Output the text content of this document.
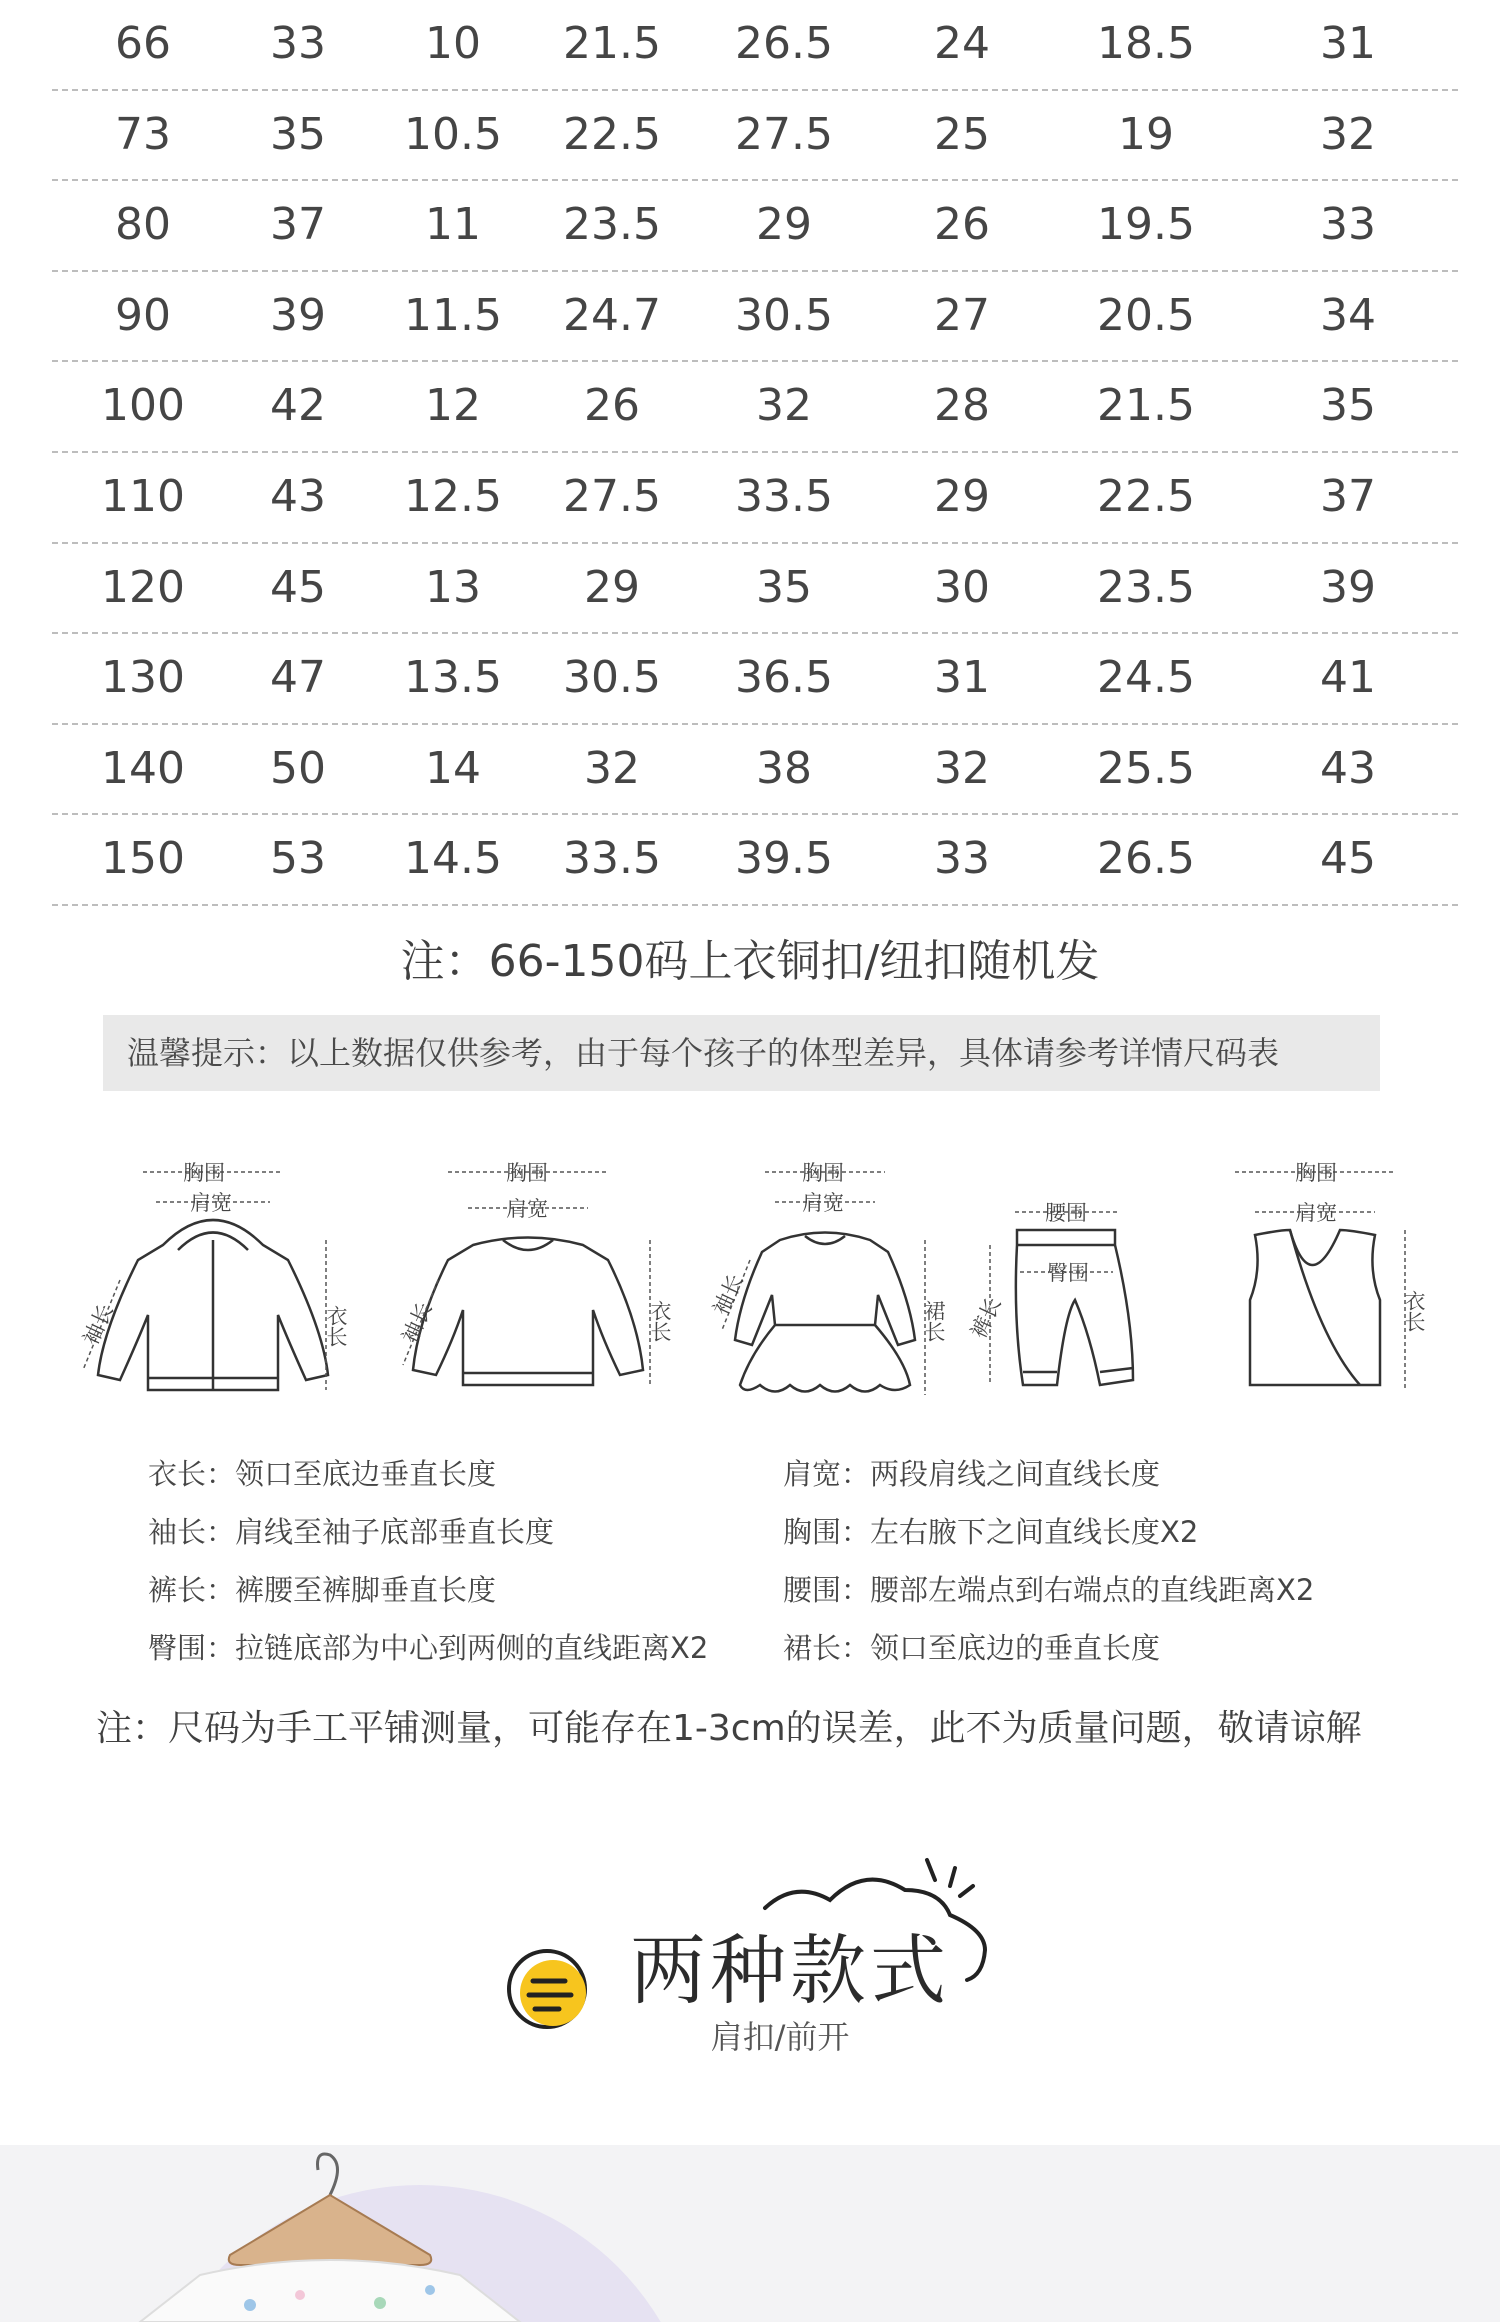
66 33 10 21.5 26.5 24 18.5	31
73 35 10.5 22.5 27.5 25	19	32
80 37 11 23.5 29	26 19.5	33
90 39 11.5 24.7 30.5 27 20.5	34
100 42 12 26	32	28 21.5	35
110 43 12.5 27.5 33.5 29 22.5	37
120 45 13 29	35	30 23.5	39
130 47 13.5 30.5 36.5 31 24.5	41
140 50 14 32	38	32 25.5	43
150 53 14.5 33.5 39.5 33 26.5	45
注：66-150码上衣铜扣/纽扣随机发
温馨提示：以上数据仅供参考，由于每个孩子的体型差异，具体请参考详情尺码表
胸围
肩宽
袖长	衣长
胸围
肩宽
袖长	衣长
胸围
肩宽
袖长
裙长
腰围
臀围
裤长
胸围
肩宽
衣长
衣长：领口至底边垂直长度
袖长：肩线至袖子底部垂直长度
裤长：裤腰至裤脚垂直长度
臀围：拉链底部为中心到两侧的直线距离X2
肩宽：两段肩线之间直线长度
胸围：左右腋下之间直线长度X2
腰围：腰部左端点到右端点的直线距离X2
裙长：领口至底边的垂直长度
注：尺码为手工平铺测量，可能存在1-3cm的误差，此不为质量问题，敬请谅解
两种款式
肩扣/前开
